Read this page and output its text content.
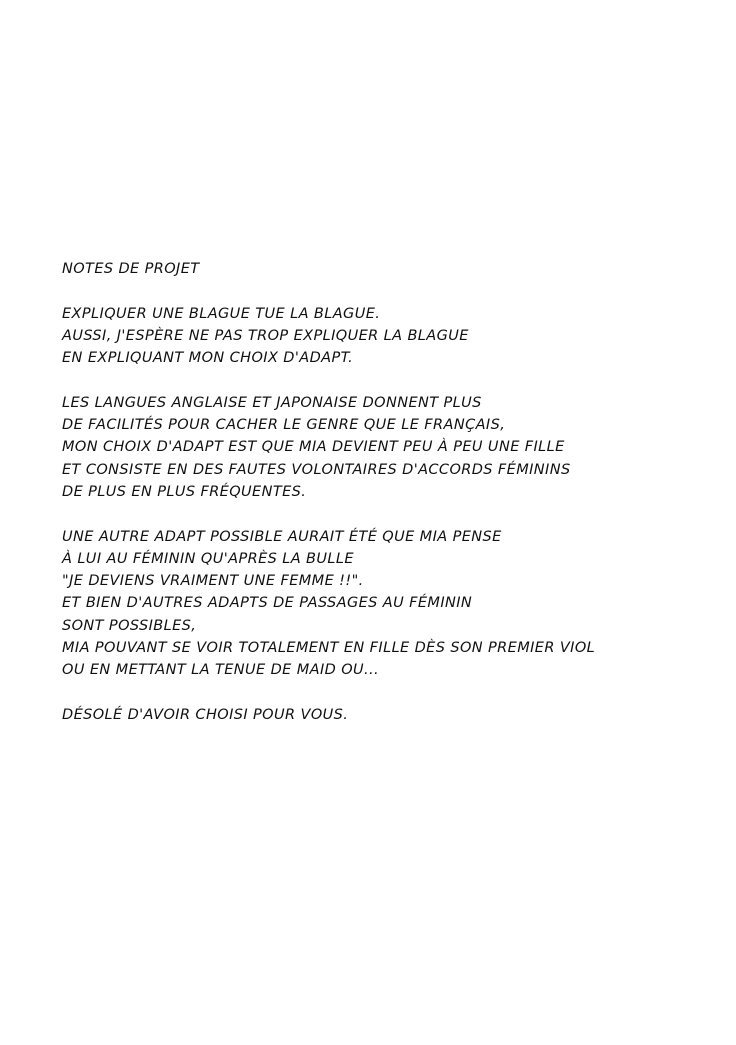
NOTES DE PROJET
EXPLIQUER UNE BLAGUE TUE LA BLAGUE.
AUSSI, J'ESPÈRE NE PAS TROP EXPLIQUER LA BLAGUE
EN EXPLIQUANT MON CHOIX D'ADAPT.
LES LANGUES ANGLAISE ET JAPONAISE DONNENT PLUS
DE FACILITÉS POUR CACHER LE GENRE QUE LE FRANÇAIS,
MON CHOIX D'ADAPT EST QUE MIA DEVIENT PEU À PEU UNE FILLE
ET CONSISTE EN DES FAUTES VOLONTAIRES D'ACCORDS FÉMININS
DE PLUS EN PLUS FRÉQUENTES.
UNE AUTRE ADAPT POSSIBLE AURAIT ÉTÉ QUE MIA PENSE
À LUI AU FÉMININ QU'APRÈS LA BULLE
"JE DEVIENS VRAIMENT UNE FEMME !!".
ET BIEN D'AUTRES ADAPTS DE PASSAGES AU FÉMININ
SONT POSSIBLES,
MIA POUVANT SE VOIR TOTALEMENT EN FILLE DÈS SON PREMIER VIOL
OU EN METTANT LA TENUE DE MAID OU...
DÉSOLÉ D'AVOIR CHOISI POUR VOUS.
